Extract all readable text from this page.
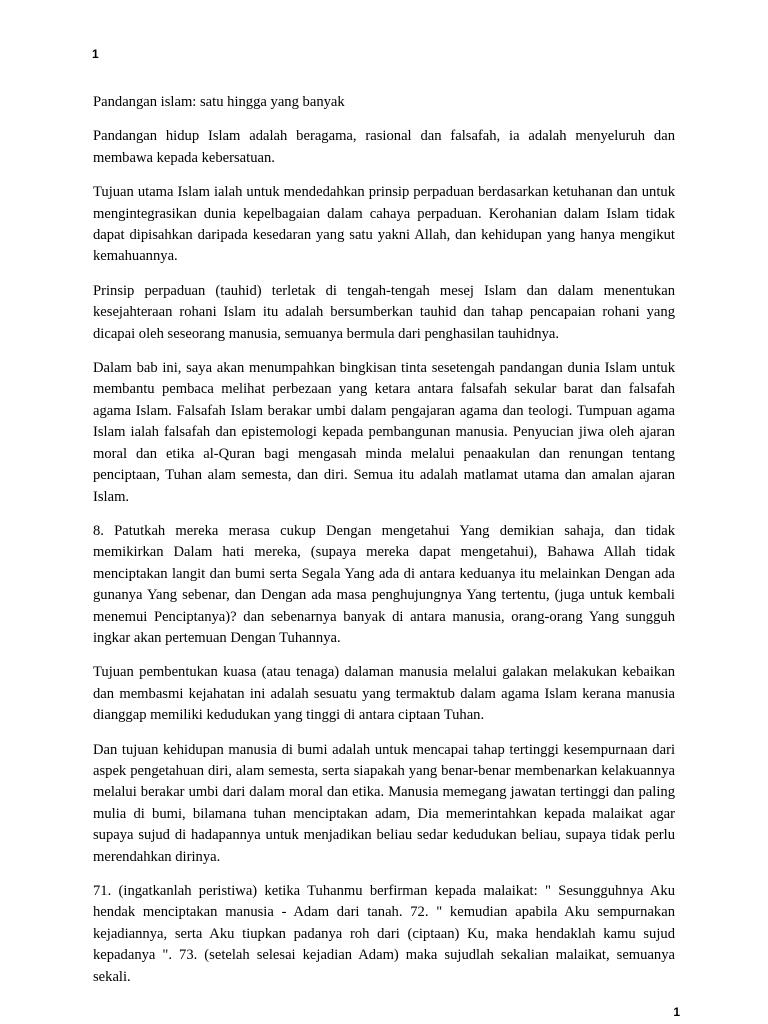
1

Pandangan islam: satu hingga yang banyak

Pandangan hidup Islam adalah beragama, rasional dan falsafah, ia adalah menyeluruh dan membawa kepada kebersatuan.

Tujuan utama Islam ialah untuk mendedahkan prinsip perpaduan berdasarkan ketuhanan dan untuk mengintegrasikan dunia kepelbagaian dalam cahaya perpaduan. Kerohanian dalam Islam tidak dapat dipisahkan daripada kesedaran yang satu yakni Allah, dan kehidupan yang hanya mengikut kemahuannya.

Prinsip perpaduan (tauhid) terletak di tengah-tengah mesej Islam dan dalam menentukan kesejahteraan rohani Islam itu adalah bersumberkan tauhid dan tahap pencapaian rohani yang dicapai oleh seseorang manusia, semuanya bermula dari penghasilan tauhidnya.

Dalam bab ini, saya akan menumpahkan bingkisan tinta sesetengah pandangan dunia Islam untuk membantu pembaca melihat perbezaan yang ketara antara falsafah sekular barat dan falsafah agama Islam. Falsafah Islam berakar umbi dalam pengajaran agama dan teologi. Tumpuan agama Islam ialah falsafah dan epistemologi kepada pembangunan manusia. Penyucian jiwa oleh ajaran moral dan etika al-Quran bagi mengasah minda melalui penaakulan dan renungan tentang penciptaan, Tuhan alam semesta, dan diri. Semua itu adalah matlamat utama dan amalan ajaran Islam.

8. Patutkah mereka merasa cukup Dengan mengetahui Yang demikian sahaja, dan tidak memikirkan Dalam hati mereka, (supaya mereka dapat mengetahui), Bahawa Allah tidak menciptakan langit dan bumi serta Segala Yang ada di antara keduanya itu melainkan Dengan ada gunanya Yang sebenar, dan Dengan ada masa penghujungnya Yang tertentu, (juga untuk kembali menemui Penciptanya)? dan sebenarnya banyak di antara manusia, orang-orang Yang sungguh ingkar akan pertemuan Dengan Tuhannya.

Tujuan pembentukan kuasa (atau tenaga) dalaman manusia melalui galakan melakukan kebaikan dan membasmi kejahatan ini adalah sesuatu yang termaktub dalam agama Islam kerana manusia dianggap memiliki kedudukan yang tinggi di antara ciptaan Tuhan.

Dan tujuan kehidupan manusia di bumi adalah untuk mencapai tahap tertinggi kesempurnaan dari aspek pengetahuan diri, alam semesta, serta siapakah yang benar-benar membenarkan kelakuannya melalui berakar umbi dari dalam moral dan etika. Manusia memegang jawatan tertinggi dan paling mulia di bumi, bilamana tuhan menciptakan adam, Dia memerintahkan kepada malaikat agar supaya sujud di hadapannya untuk menjadikan beliau sedar kedudukan beliau, supaya tidak perlu merendahkan dirinya.

71. (ingatkanlah peristiwa) ketika Tuhanmu berfirman kepada malaikat: " Sesungguhnya Aku hendak menciptakan manusia - Adam dari tanah. 72. " kemudian apabila Aku sempurnakan kejadiannya, serta Aku tiupkan padanya roh dari (ciptaan) Ku, maka hendaklah kamu sujud kepadanya ". 73. (setelah selesai kejadian Adam) maka sujudlah sekalian malaikat, semuanya sekali.

1
